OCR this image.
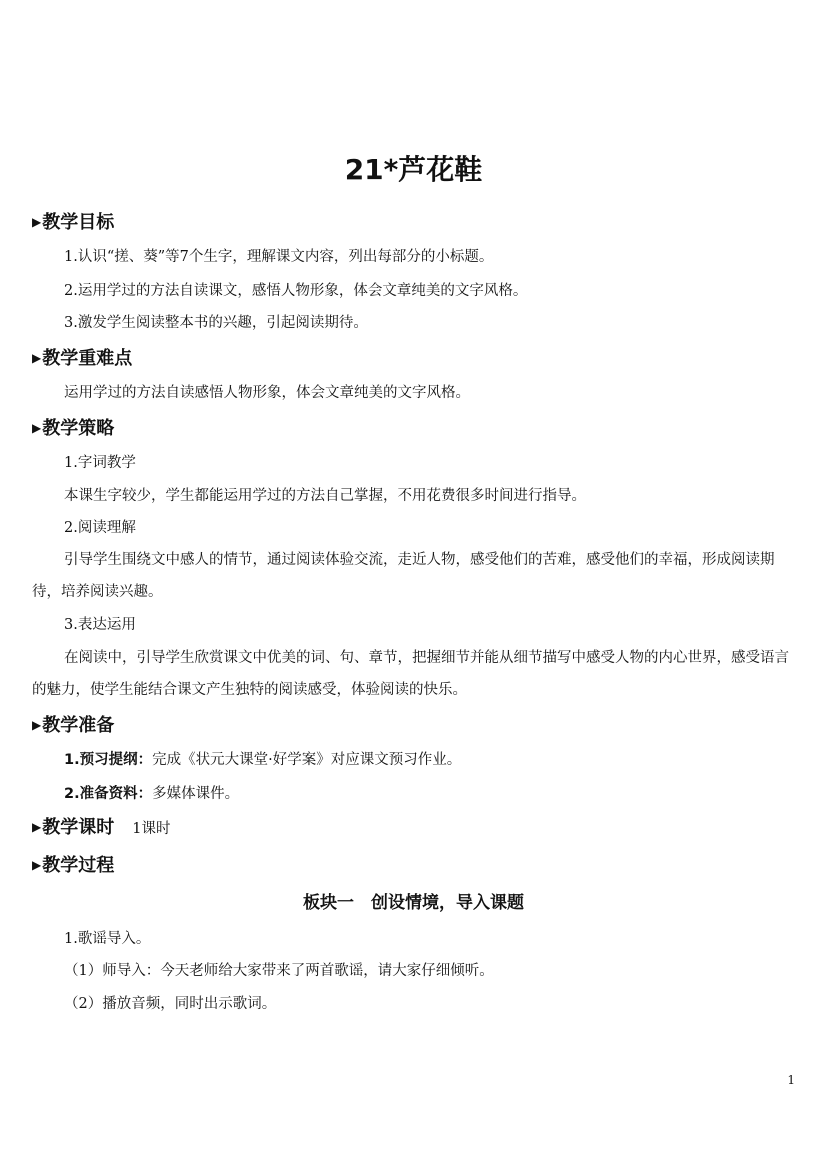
21*芦花鞋
▶教学目标
1.认识“搓、葵”等7个生字，理解课文内容，列出每部分的小标题。
2.运用学过的方法自读课文，感悟人物形象，体会文章纯美的文字风格。
3.激发学生阅读整本书的兴趣，引起阅读期待。
▶教学重难点
运用学过的方法自读感悟人物形象，体会文章纯美的文字风格。
▶教学策略
1.字词教学
本课生字较少，学生都能运用学过的方法自己掌握，不用花费很多时间进行指导。
2.阅读理解

引导学生围绕文中感人的情节，通过阅读体验交流，走近人物，感受他们的苦难，感受他们的幸福，形成阅读期待，培养阅读兴趣。

3.表达运用

在阅读中，引导学生欣赏课文中优美的词、句、章节，把握细节并能从细节描写中感受人物的内心世界，感受语言的魅力，使学生能结合课文产生独特的阅读感受，体验阅读的快乐。

▶教学准备
1.预习提纲：完成《状元大课堂·好学案》对应课文预习作业。
2.准备资料：多媒体课件。
▶教学课时 1课时
▶教学过程
板块一　创设情境，导入课题
1.歌谣导入。
（1）师导入：今天老师给大家带来了两首歌谣，请大家仔细倾听。
（2）播放音频，同时出示歌词。
1
